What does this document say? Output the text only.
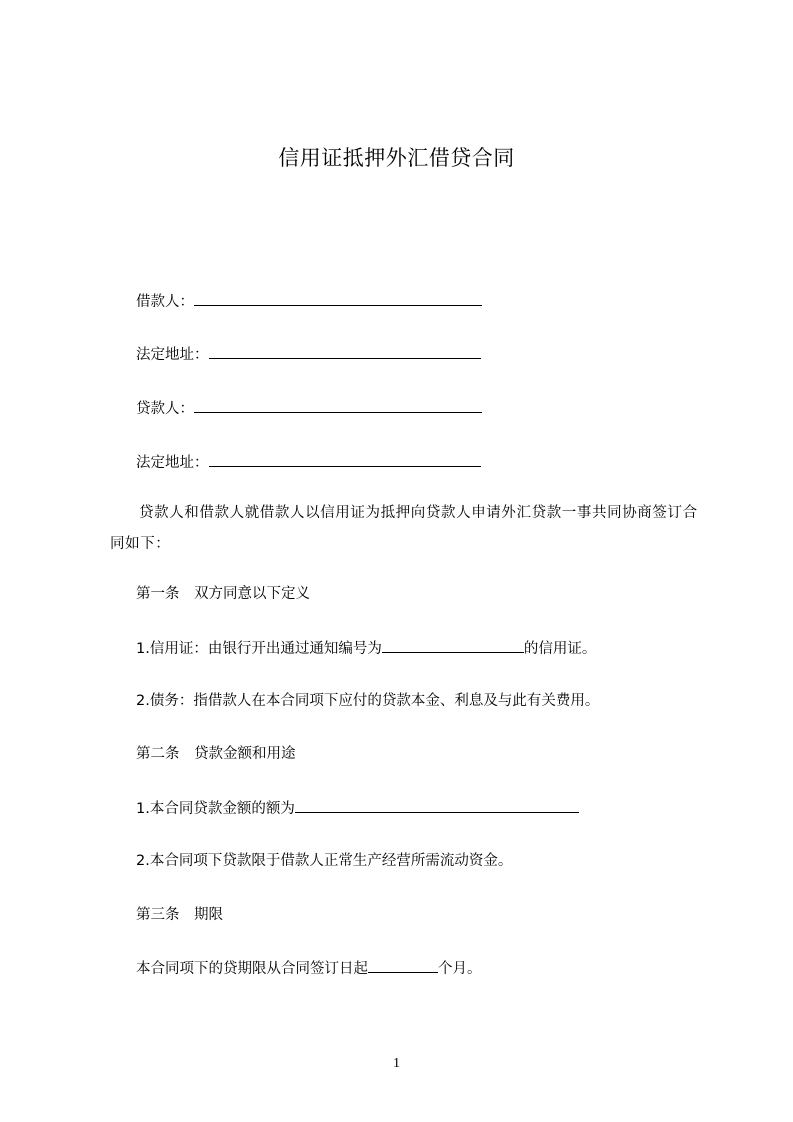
信用证抵押外汇借贷合同
借款人：
法定地址：
贷款人：
法定地址：
贷款人和借款人就借款人以信用证为抵押向贷款人申请外汇贷款一事共同协商签订合同如下：
第一条　双方同意以下定义
1.信用证：由银行开出通过通知编号为	的信用证。
2.债务：指借款人在本合同项下应付的贷款本金、利息及与此有关费用。
第二条　贷款金额和用途
1.本合同贷款金额的额为
2.本合同项下贷款限于借款人正常生产经营所需流动资金。
第三条　期限
本合同项下的贷期限从合同签订日起	个月。
1
